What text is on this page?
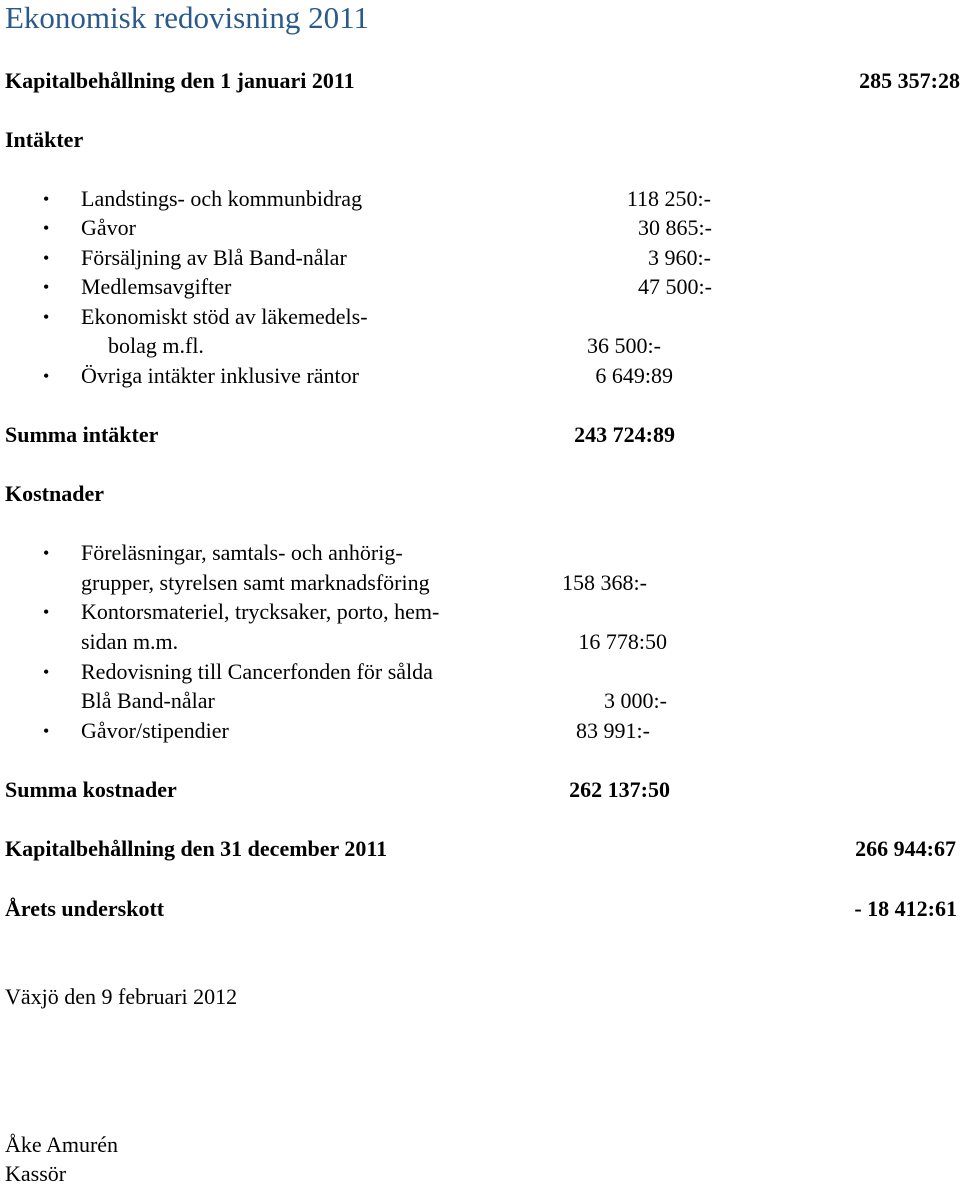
Ekonomisk redovisning 2011
Kapitalbehållning den 1 januari 2011	285 357:28
Intäkter
• Landstings- och kommunbidrag	118 250:-
• Gåvor	30 865:-
• Försäljning av Blå Band-nålar	3 960:-
• Medlemsavgifter	47 500:-
• Ekonomiskt stöd av läkemedels-
bolag m.fl.	36 500:-
• Övriga intäkter inklusive räntor	6 649:89
Summa intäkter	243 724:89
Kostnader
• Föreläsningar, samtals- och anhörig-
grupper, styrelsen samt marknadsföring	158 368:-
• Kontorsmateriel, trycksaker, porto, hem-
sidan m.m.	16 778:50
• Redovisning till Cancerfonden för sålda
Blå Band-nålar	3 000:-
• Gåvor/stipendier	83 991:-
Summa kostnader	262 137:50
Kapitalbehållning den 31 december 2011	266 944:67
Årets underskott	- 18 412:61
Växjö den 9 februari 2012
Åke Amurén
Kassör
